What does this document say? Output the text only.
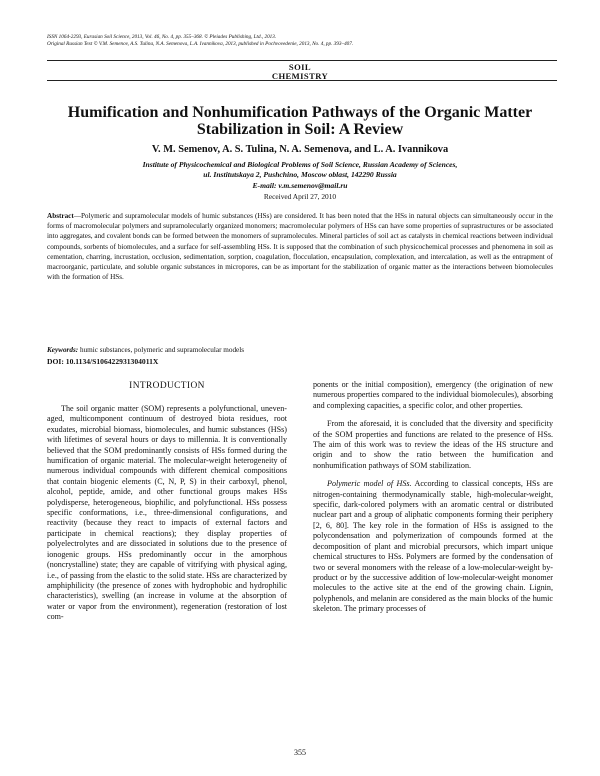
ISSN 1064-2293, Eurasian Soil Science, 2013, Vol. 46, No. 4, pp. 355–368. © Pleiades Publishing, Ltd., 2013.
Original Russian Text © V.M. Semenov, A.S. Tulina, N.A. Semenova, L.A. Ivannikova, 2013, published in Pochvovedenie, 2013, No. 4, pp. 393–407.
SOIL
CHEMISTRY
Humification and Nonhumification Pathways of the Organic Matter
Stabilization in Soil: A Review
V. M. Semenov, A. S. Tulina, N. A. Semenova, and L. A. Ivannikova
Institute of Physicochemical and Biological Problems of Soil Science, Russian Academy of Sciences,
ul. Institutskaya 2, Pushchino, Moscow oblast, 142290 Russia
E-mail: v.m.semenov@mail.ru
Received April 27, 2010
Abstract—Polymeric and supramolecular models of humic substances (HSs) are considered. It has been noted that the HSs in natural objects can simultaneously occur in the forms of macromolecular polymers and supramolecularly organized monomers; macromolecular polymers of HSs can have some properties of suprastructures or be associated into aggregates, and covalent bonds can be formed between the monomers of supramolecules. Mineral particles of soil act as catalysts in chemical reactions between individual compounds, sorbents of biomolecules, and a surface for self-assembling HSs. It is supposed that the combination of such physicochemical processes and phenomena in soil as cementation, charring, incrustation, occlusion, sedimentation, sorption, coagulation, flocculation, encapsulation, complexation, and intercalation, as well as the entrapment of macroorganic, particulate, and soluble organic substances in micropores, can be as important for the stabilization of organic matter as the interactions between biomolecules with the formation of HSs.
Keywords: humic substances, polymeric and supramolecular models
DOI: 10.1134/S106422931304011X
INTRODUCTION

The soil organic matter (SOM) represents a polyfunctional, uneven-aged, multicomponent continuum of destroyed biota residues, root exudates, microbial biomass, biomolecules, and humic substances (HSs) with lifetimes of several hours or days to millennia. It is conventionally believed that the SOM predominantly consists of HSs formed during the humification of organic material. The molecular-weight heterogeneity of numerous individual compounds with different chemical compositions that contain biogenic elements (C, N, P, S) in their carboxyl, phenol, alcohol, peptide, amide, and other functional groups makes HSs polydisperse, heterogeneous, biophilic, and polyfunctional. HSs possess specific conformations, i.e., three-dimensional configurations, and reactivity (because they react to impacts of external factors and participate in chemical reactions); they display properties of polyelectrolytes and are dissociated in solutions due to the presence of ionogenic groups. HSs predominantly occur in the amorphous (noncrystalline) state; they are capable of vitrifying with physical aging, i.e., of passing from the elastic to the solid state. HSs are characterized by amphiphilicity (the presence of zones with hydrophobic and hydrophilic characteristics), swelling (an increase in volume at the absorption of water or vapor from the environment), regeneration (restoration of lost com-

ponents or the initial composition), emergency (the origination of new numerous properties compared to the individual biomolecules), absorbing and complexing capacities, a specific color, and other properties.

From the aforesaid, it is concluded that the diversity and specificity of the SOM properties and functions are related to the presence of HSs. The aim of this work was to review the ideas of the HS structure and origin and to show the ratio between the humification and nonhumification pathways of SOM stabilization.

Polymeric model of HSs. According to classical concepts, HSs are nitrogen-containing thermodynamically stable, high-molecular-weight, specific, dark-colored polymers with an aromatic central or distributed nuclear part and a group of aliphatic components forming their periphery [2, 6, 80]. The key role in the formation of HSs is assigned to the polycondensation and polymerization of compounds formed at the decomposition of plant and microbial precursors, which impart unique chemical structures to HSs. Polymers are formed by the condensation of two or several monomers with the release of a low-molecular-weight by-product or by the successive addition of low-molecular-weight monomer molecules to the active site at the end of the growing chain. Lignin, polyphenols, and melanin are considered as the main blocks of the humic skeleton. The primary processes of

355
